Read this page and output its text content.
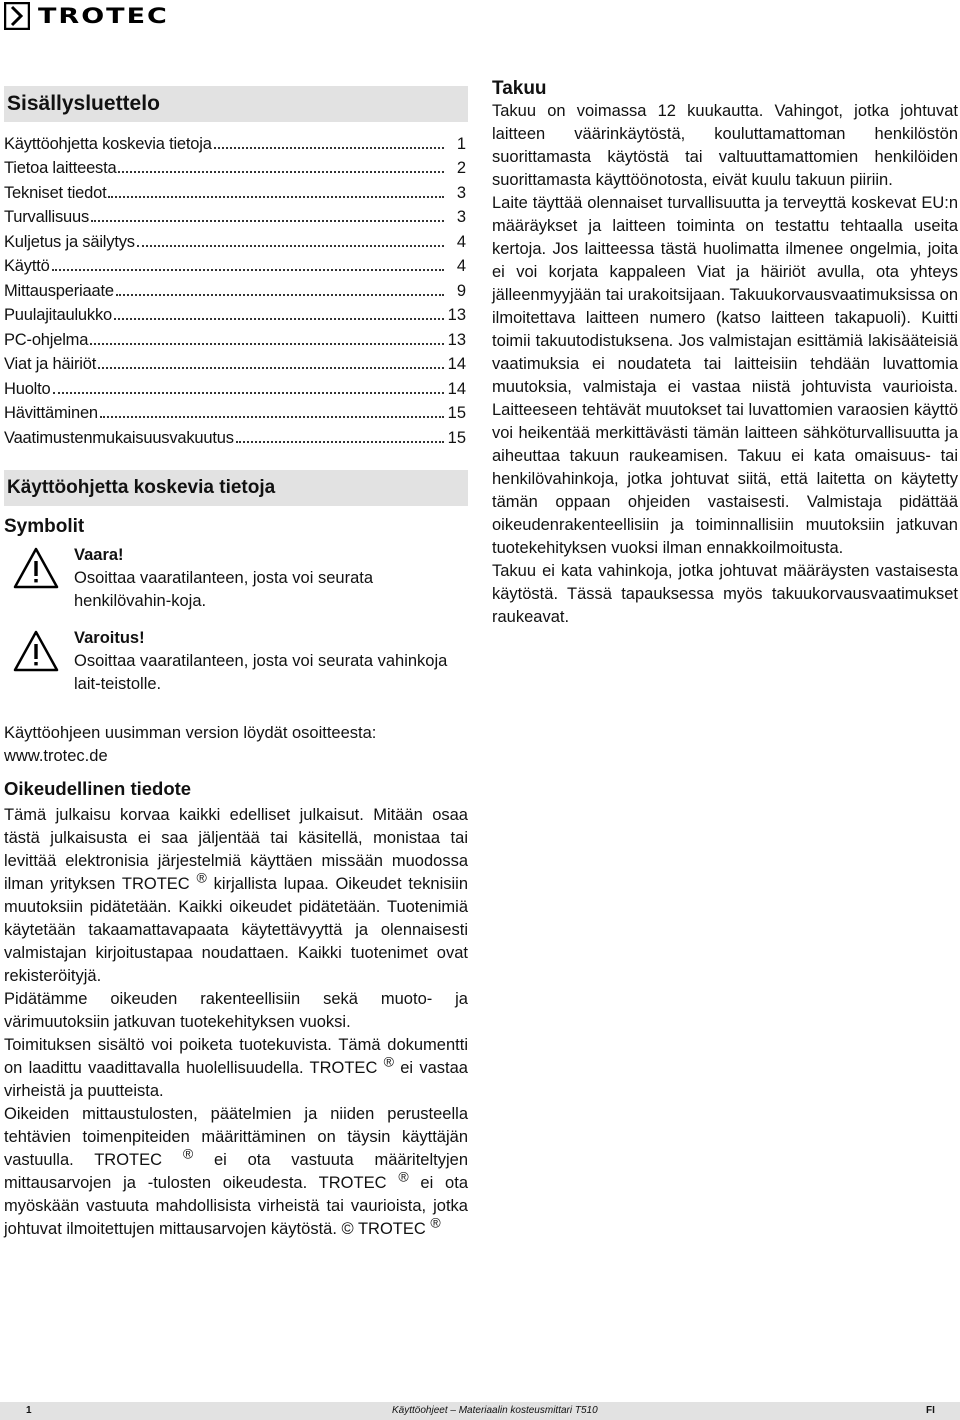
TROTEC
Sisällysluettelo
Käyttöohjetta koskevia tietoja	1
Tietoa laitteesta	2
Tekniset tiedot	3
Turvallisuus	3
Kuljetus ja säilytys	4
Käyttö	4
Mittausperiaate	9
Puulajitaulukko	13
PC-ohjelma	13
Viat ja häiriöt	14
Huolto	14
Hävittäminen	15
Vaatimustenmukaisuusvakuutus	15
Käyttöohjetta koskevia tietoja
Symbolit
Vaara!
Osoittaa vaaratilanteen, josta voi seurata henkilövahin-koja.
Varoitus!
Osoittaa vaaratilanteen, josta voi seurata vahinkoja lait-teistolle.
Käyttöohjeen uusimman version löydät osoitteesta:
www.trotec.de
Oikeudellinen tiedote
Tämä julkaisu korvaa kaikki edelliset julkaisut. Mitään osaa tästä julkaisusta ei saa jäljentää tai käsitellä, monistaa tai levittää elektronisia järjestelmiä käyttäen missään muodossa ilman yrityksen TROTEC ® kirjallista lupaa. Oikeudet teknisiin muutoksiin pidätetään. Kaikki oikeudet pidätetään. Tuotenimiä käytetään takaamattavapaata käytettävyyttä ja olennaisesti valmistajan kirjoitustapaa noudattaen. Kaikki tuotenimet ovat rekisteröityjä.
Pidätämme oikeuden rakenteellisiin sekä muoto- ja värimuutoksiin jatkuvan tuotekehityksen vuoksi.
Toimituksen sisältö voi poiketa tuotekuvista. Tämä dokumentti on laadittu vaadittavalla huolellisuudella. TROTEC ® ei vastaa virheistä ja puutteista.
Oikeiden mittaustulosten, päätelmien ja niiden perusteella tehtävien toimenpiteiden määrittäminen on täysin käyttäjän vastuulla. TROTEC ® ei ota vastuuta määriteltyjen mittausarvojen ja -tulosten oikeudesta. TROTEC ® ei ota myöskään vastuuta mahdollisista virheistä tai vaurioista, jotka johtuvat ilmoitettujen mittausarvojen käytöstä. © TROTEC ®
Takuu
Takuu on voimassa 12 kuukautta. Vahingot, jotka johtuvat laitteen väärinkäytöstä, kouluttamattoman henkilöstön suorittamasta käytöstä tai valtuuttamattomien henkilöiden suorittamasta käyttöönotosta, eivät kuulu takuun piiriin.
Laite täyttää olennaiset turvallisuutta ja terveyttä koskevat EU:n määräykset ja laitteen toiminta on testattu tehtaalla useita kertoja. Jos laitteessa tästä huolimatta ilmenee ongelmia, joita ei voi korjata kappaleen Viat ja häiriöt avulla, ota yhteys jälleenmyyjään tai urakoitsijaan. Takuukorvausvaatimuksissa on ilmoitettava laitteen numero (katso laitteen takapuoli). Kuitti toimii takuutodistuksena. Jos valmistajan esittämiä lakisääteisiä vaatimuksia ei noudateta tai laitteisiin tehdään luvattomia muutoksia, valmistaja ei vastaa niistä johtuvista vaurioista. Laitteeseen tehtävät muutokset tai luvattomien varaosien käyttö voi heikentää merkittävästi tämän laitteen sähköturvallisuutta ja aiheuttaa takuun raukeamisen. Takuu ei kata omaisuus- tai henkilövahinkoja, jotka johtuvat siitä, että laitetta on käytetty tämän oppaan ohjeiden vastaisesti. Valmistaja pidättää oikeudenrakenteellisiin ja toiminnallisiin muutoksiin jatkuvan tuotekehityksen vuoksi ilman ennakkoilmoitusta.
Takuu ei kata vahinkoja, jotka johtuvat määräysten vastaisesta käytöstä. Tässä tapauksessa myös takuukorvausvaatimukset raukeavat.
1	Käyttöohjeet – Materiaalin kosteusmittari T510	FI
